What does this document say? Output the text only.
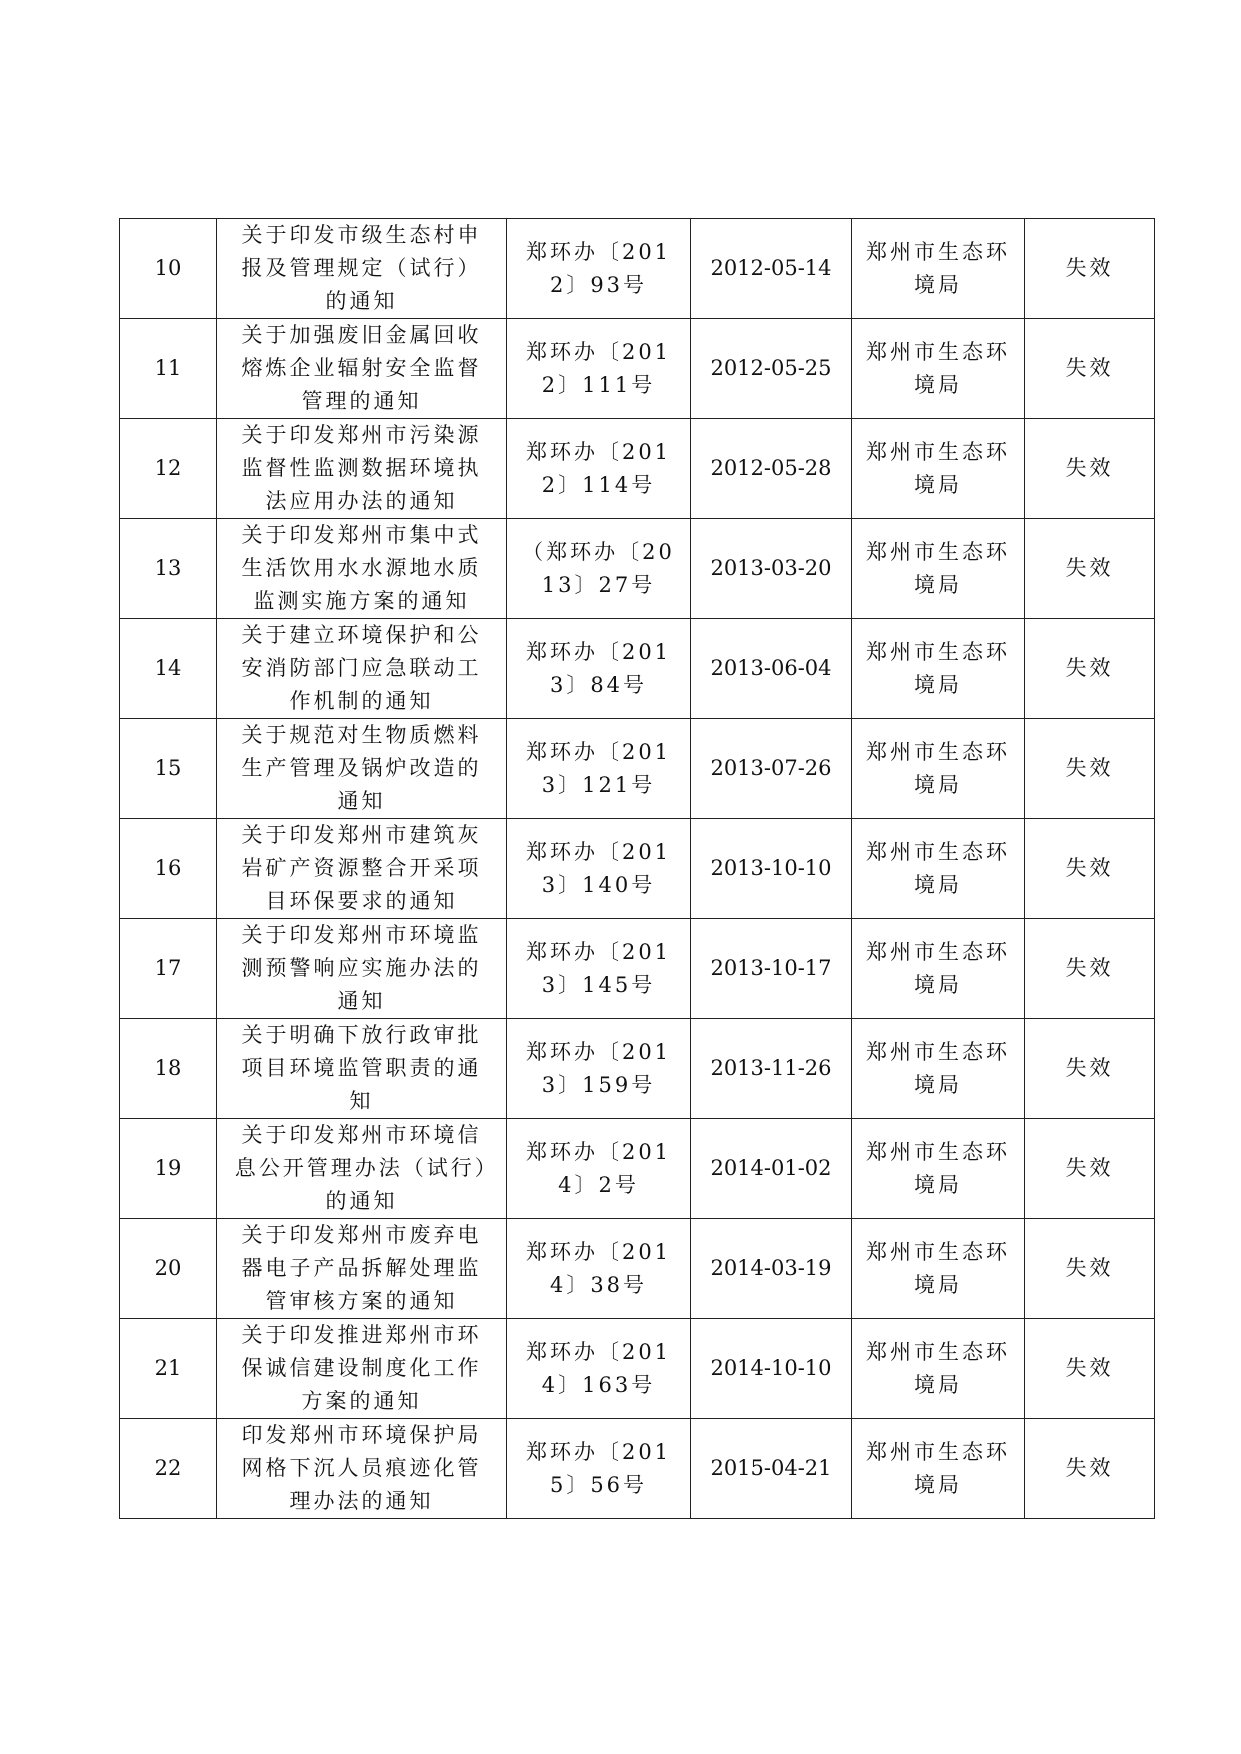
10	关于印发市级生态村申报及管理规定（试行）的通知	郑环办〔2012〕93号	2012-05-14	郑州市生态环境局	失效

11	关于加强废旧金属回收熔炼企业辐射安全监督管理的通知	郑环办〔2012〕111号	2012-05-25	郑州市生态环境局	失效

12	关于印发郑州市污染源监督性监测数据环境执法应用办法的通知	郑环办〔2012〕114号	2012-05-28	郑州市生态环境局	失效

13	关于印发郑州市集中式生活饮用水水源地水质监测实施方案的通知	（郑环办〔2013〕27号	2013-03-20	郑州市生态环境局	失效

14	关于建立环境保护和公安消防部门应急联动工作机制的通知	郑环办〔2013〕84号	2013-06-04	郑州市生态环境局	失效

15	关于规范对生物质燃料生产管理及锅炉改造的通知	郑环办〔2013〕121号	2013-07-26	郑州市生态环境局	失效

16	关于印发郑州市建筑灰岩矿产资源整合开采项目环保要求的通知	郑环办〔2013〕140号	2013-10-10	郑州市生态环境局	失效

17	关于印发郑州市环境监测预警响应实施办法的通知	郑环办〔2013〕145号	2013-10-17	郑州市生态环境局	失效

18	关于明确下放行政审批项目环境监管职责的通知	郑环办〔2013〕159号	2013-11-26	郑州市生态环境局	失效

19	关于印发郑州市环境信息公开管理办法（试行）的通知	郑环办〔2014〕2号	2014-01-02	郑州市生态环境局	失效

20	关于印发郑州市废弃电器电子产品拆解处理监管审核方案的通知	郑环办〔2014〕38号	2014-03-19	郑州市生态环境局	失效

21	关于印发推进郑州市环保诚信建设制度化工作方案的通知	郑环办〔2014〕163号	2014-10-10	郑州市生态环境局	失效

22	印发郑州市环境保护局网格下沉人员痕迹化管理办法的通知	郑环办〔2015〕56号	2015-04-21	郑州市生态环境局	失效
